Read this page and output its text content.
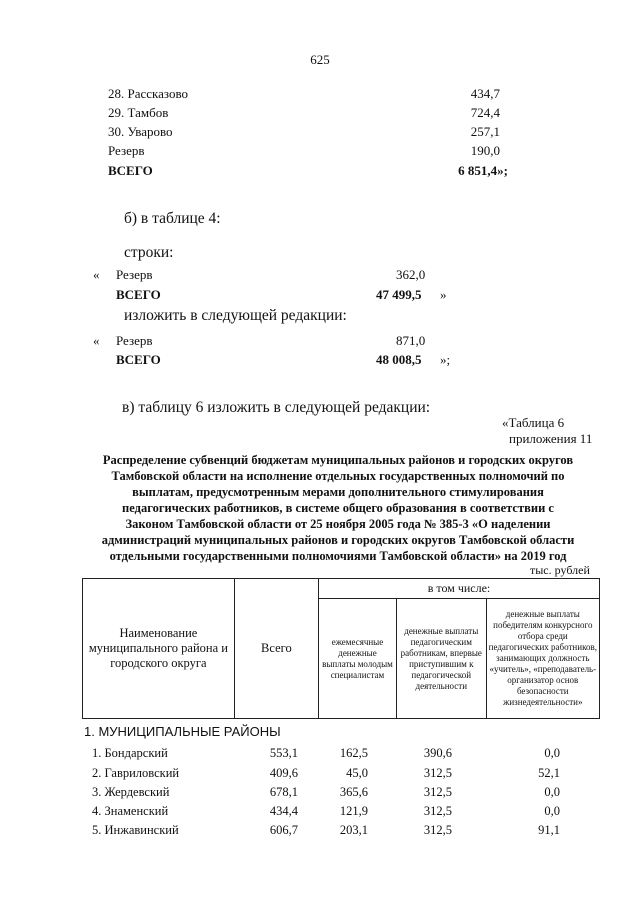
625
28. Рассказово	434,7
29. Тамбов	724,4
30. Уварово	257,1
Резерв	190,0
ВСЕГО	6 851,4»;
б) в таблице 4:
строки:
« Резерв	362,0
ВСЕГО	47 499,5 »
изложить в следующей редакции:
« Резерв	871,0
ВСЕГО	48 008,5 »;
в) таблицу 6 изложить в следующей редакции:
«Таблица 6
приложения 11
Распределение субвенций бюджетам муниципальных районов и городских округов
Тамбовской области на исполнение отдельных государственных полномочий по
выплатам, предусмотренным мерами дополнительного стимулирования
педагогических работников, в системе общего образования в соответствии с
Законом Тамбовской области от 25 ноября 2005 года № 385-3 «О наделении
администраций муниципальных районов и городских округов Тамбовской области
отдельными государственными полномочиями Тамбовской области» на 2019 год
тыс. рублей
Наименование муниципального района и городского округа	Всего	в том числе:		
		ежемесячные денежные выплаты молодым специалистам	денежные выплаты педагогическим работникам, впервые приступившим к педагогической деятельности	денежные выплаты победителям конкурсного отбора среди педагогических работников, занимающих должность «учитель», «преподаватель-организатор основ безопасности жизнедеятельности»
1. МУНИЦИПАЛЬНЫЕ РАЙОНЫ
1. Бондарский	553,1	162,5	390,6	0,0
2. Гавриловский	409,6	45,0	312,5	52,1
3. Жердевский	678,1	365,6	312,5	0,0
4. Знаменский	434,4	121,9	312,5	0,0
5. Инжавинский	606,7	203,1	312,5	91,1
